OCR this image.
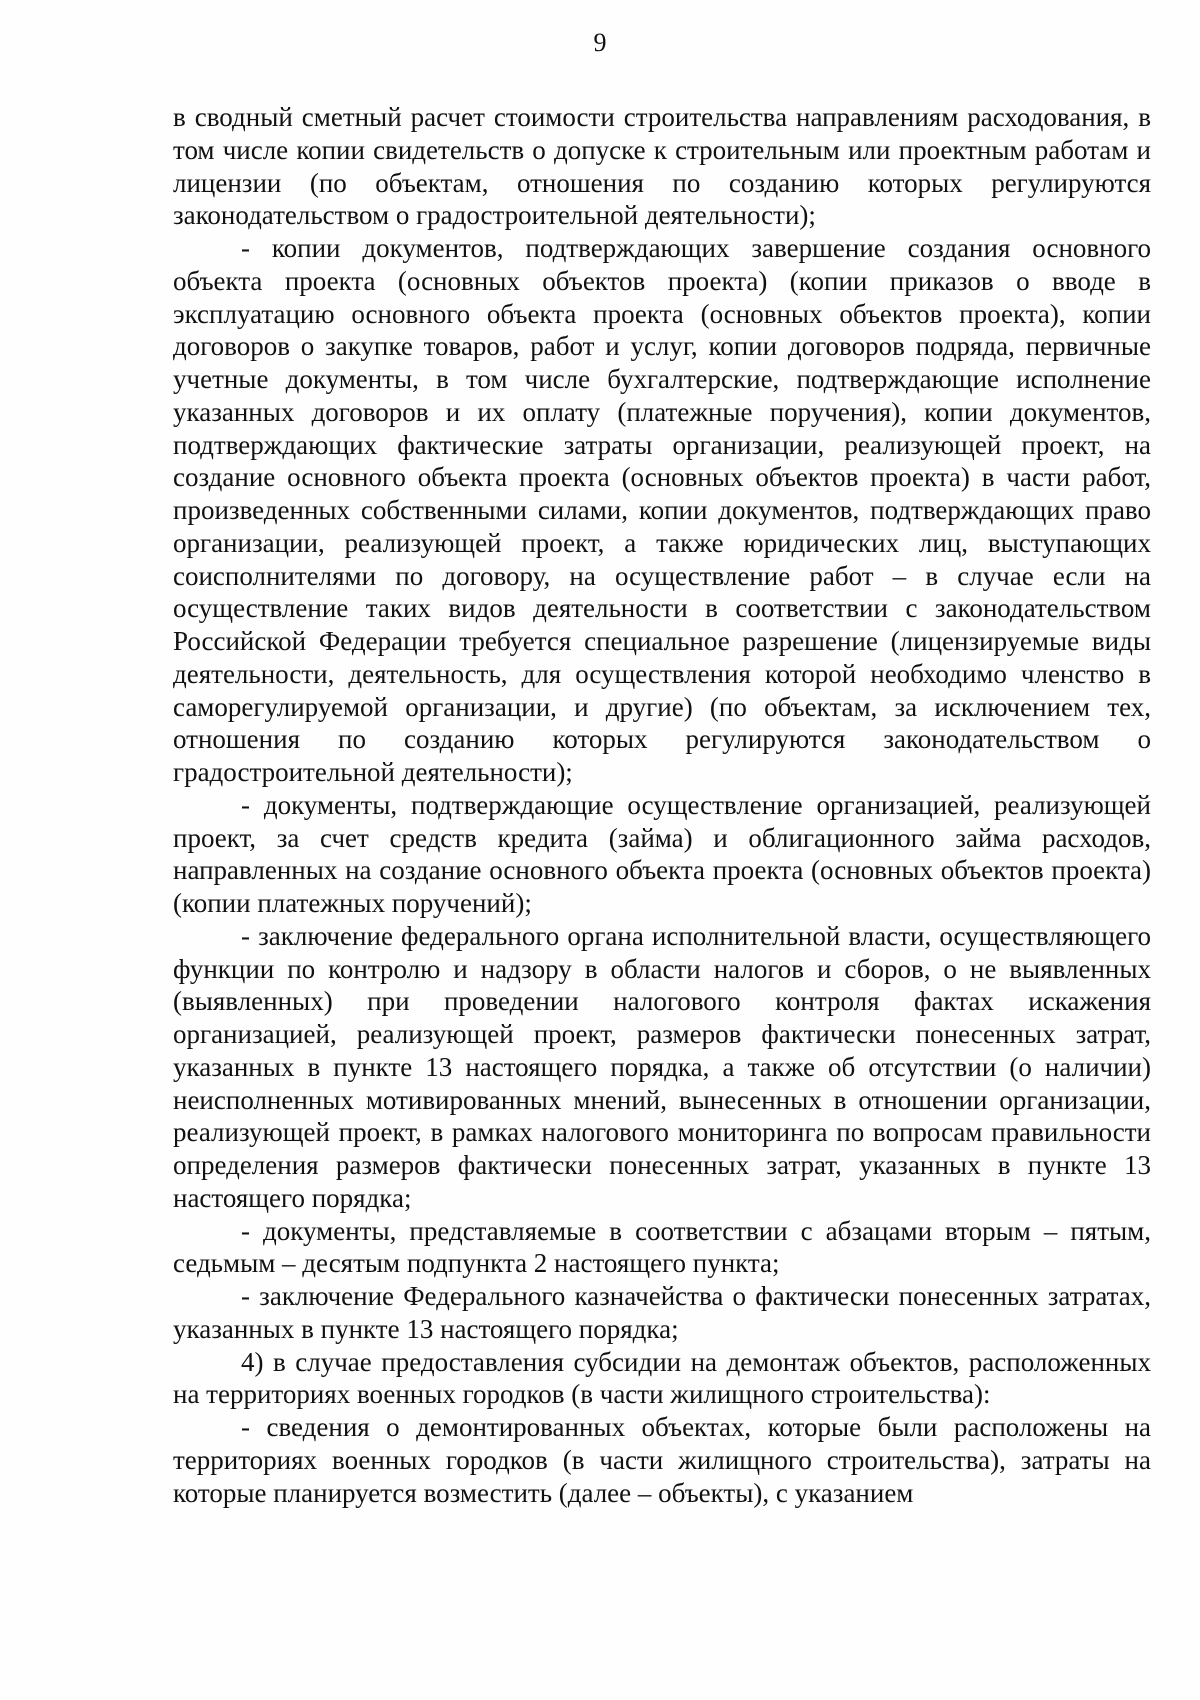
9

в сводный сметный расчет стоимости строительства направлениям расходования, в том числе копии свидетельств о допуске к строительным или проектным работам и лицензии (по объектам, отношения по созданию которых регулируются законодательством о градостроительной деятельности);

- копии документов, подтверждающих завершение создания основного объекта проекта (основных объектов проекта) (копии приказов о вводе в эксплуатацию основного объекта проекта (основных объектов проекта), копии договоров о закупке товаров, работ и услуг, копии договоров подряда, первичные учетные документы, в том числе бухгалтерские, подтверждающие исполнение указанных договоров и их оплату (платежные поручения), копии документов, подтверждающих фактические затраты организации, реализующей проект, на создание основного объекта проекта (основных объектов проекта) в части работ, произведенных собственными силами, копии документов, подтверждающих право организации, реализующей проект, а также юридических лиц, выступающих соисполнителями по договору, на осуществление работ – в случае если на осуществление таких видов деятельности в соответствии с законодательством Российской Федерации требуется специальное разрешение (лицензируемые виды деятельности, деятельность, для осуществления которой необходимо членство в саморегулируемой организации, и другие) (по объектам, за исключением тех, отношения по созданию которых регулируются законодательством о градостроительной деятельности);

- документы, подтверждающие осуществление организацией, реализующей проект, за счет средств кредита (займа) и облигационного займа расходов, направленных на создание основного объекта проекта (основных объектов проекта) (копии платежных поручений);

- заключение федерального органа исполнительной власти, осуществляющего функции по контролю и надзору в области налогов и сборов, о не выявленных (выявленных) при проведении налогового контроля фактах искажения организацией, реализующей проект, размеров фактически понесенных затрат, указанных в пункте 13 настоящего порядка, а также об отсутствии (о наличии) неисполненных мотивированных мнений, вынесенных в отношении организации, реализующей проект, в рамках налогового мониторинга по вопросам правильности определения размеров фактически понесенных затрат, указанных в пункте 13 настоящего порядка;

- документы, представляемые в соответствии с абзацами вторым – пятым, седьмым – десятым подпункта 2 настоящего пункта;

- заключение Федерального казначейства о фактически понесенных затратах, указанных в пункте 13 настоящего порядка;

4) в случае предоставления субсидии на демонтаж объектов, расположенных на территориях военных городков (в части жилищного строительства):

- сведения о демонтированных объектах, которые были расположены на территориях военных городков (в части жилищного строительства), затраты на которые планируется возместить (далее – объекты), с указанием
